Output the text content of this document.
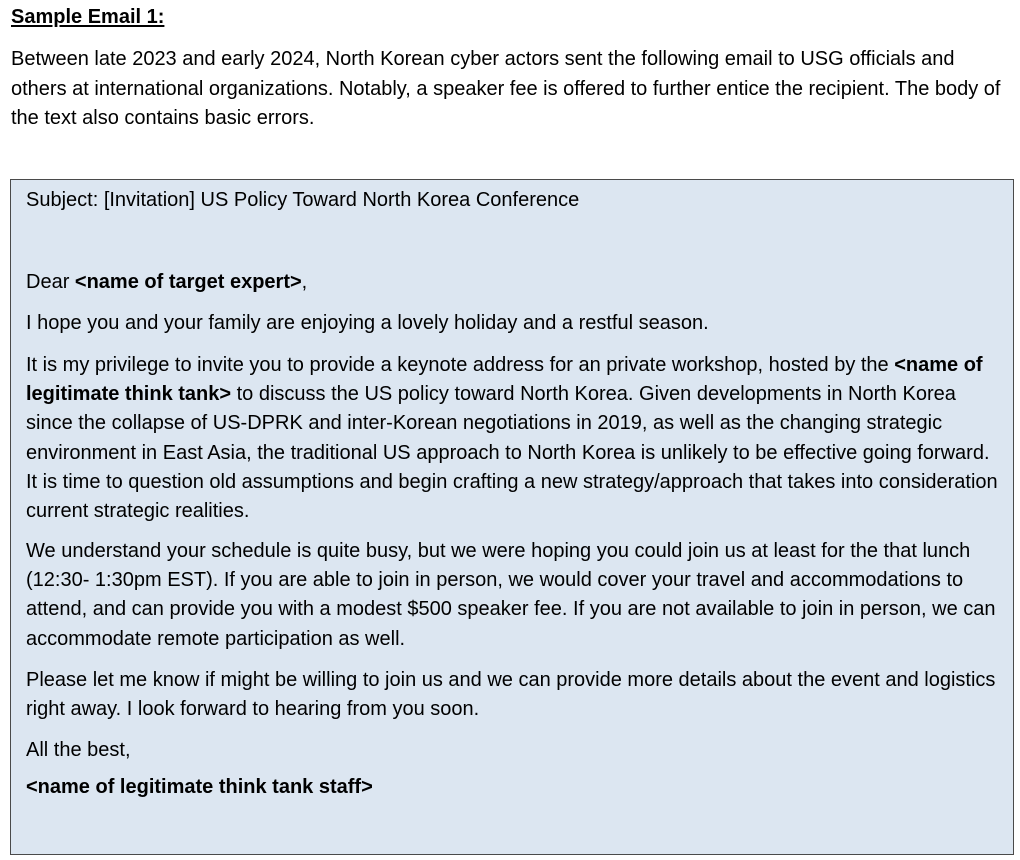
Sample Email 1:

Between late 2023 and early 2024, North Korean cyber actors sent the following email to USG officials and others at international organizations. Notably, a speaker fee is offered to further entice the recipient. The body of the text also contains basic errors.

Subject: [Invitation] US Policy Toward North Korea Conference

Dear <name of target expert>,

I hope you and your family are enjoying a lovely holiday and a restful season.

It is my privilege to invite you to provide a keynote address for an private workshop, hosted by the <name of legitimate think tank> to discuss the US policy toward North Korea. Given developments in North Korea since the collapse of US-DPRK and inter-Korean negotiations in 2019, as well as the changing strategic environment in East Asia, the traditional US approach to North Korea is unlikely to be effective going forward. It is time to question old assumptions and begin crafting a new strategy/approach that takes into consideration current strategic realities.

We understand your schedule is quite busy, but we were hoping you could join us at least for the that lunch (12:30- 1:30pm EST). If you are able to join in person, we would cover your travel and accommodations to attend, and can provide you with a modest $500 speaker fee. If you are not available to join in person, we can accommodate remote participation as well.

Please let me know if might be willing to join us and we can provide more details about the event and logistics right away. I look forward to hearing from you soon.

All the best,

<name of legitimate think tank staff>
